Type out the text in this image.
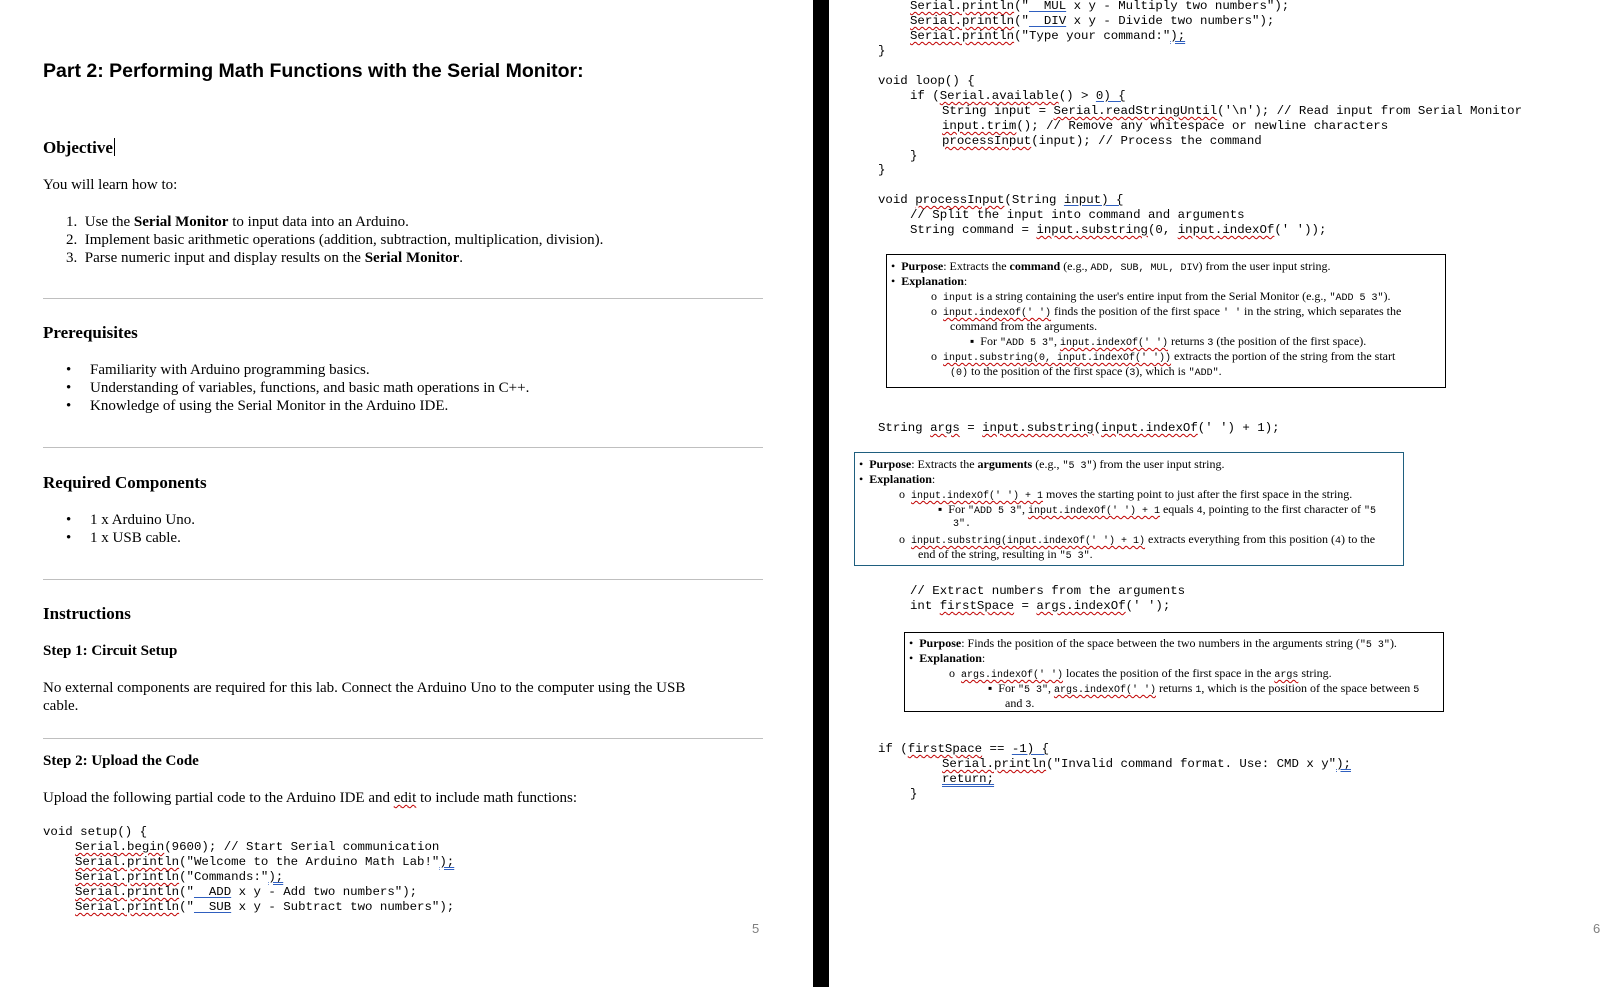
Part 2: Performing Math Functions with the Serial Monitor:
Objective
You will learn how to:
1. Use the Serial Monitor to input data into an Arduino.
2. Implement basic arithmetic operations (addition, subtraction, multiplication, division).
3. Parse numeric input and display results on the Serial Monitor.
Prerequisites
•     Familiarity with Arduino programming basics.
•     Understanding of variables, functions, and basic math operations in C++.
•     Knowledge of using the Serial Monitor in the Arduino IDE.
Required Components
•     1 x Arduino Uno.
•     1 x USB cable.
Instructions
Step 1: Circuit Setup
No external components are required for this lab. Connect the Arduino Uno to the computer using the USB
cable.
Step 2: Upload the Code
Upload the following partial code to the Arduino IDE and edit to include math functions:
void setup() {
Serial.begin(9600); // Start Serial communication
Serial.println("Welcome to the Arduino Math Lab!");
Serial.println("Commands:");
Serial.println("  ADD x y - Add two numbers");
Serial.println("  SUB x y - Subtract two numbers");
5
Serial.println("  MUL x y - Multiply two numbers");
Serial.println("  DIV x y - Divide two numbers");
Serial.println("Type your command:");
}
void loop() {
if (Serial.available() > 0) {
String input = Serial.readStringUntil('\n'); // Read input from Serial Monitor
input.trim(); // Remove any whitespace or newline characters
processInput(input); // Process the command
}
}
void processInput(String input) {
// Split the input into command and arguments
String command = input.substring(0, input.indexOf(' '));
•  Purpose: Extracts the command (e.g., ADD, SUB, MUL, DIV) from the user input string.
•  Explanation:
o  input is a string containing the user's entire input from the Serial Monitor (e.g., "ADD 5 3").
o  input.indexOf(' ') finds the position of the first space ' ' in the string, which separates the
command from the arguments.
▪  For "ADD 5 3", input.indexOf(' ') returns 3 (the position of the first space).
o  input.substring(0, input.indexOf(' ')) extracts the portion of the string from the start
(0) to the position of the first space (3), which is "ADD".
String args = input.substring(input.indexOf(' ') + 1);
•  Purpose: Extracts the arguments (e.g., "5 3") from the user input string.
•  Explanation:
o  input.indexOf(' ') + 1 moves the starting point to just after the first space in the string.
▪  For "ADD 5 3", input.indexOf(' ') + 1 equals 4, pointing to the first character of "5
3".
o  input.substring(input.indexOf(' ') + 1) extracts everything from this position (4) to the
end of the string, resulting in "5 3".
// Extract numbers from the arguments
int firstSpace = args.indexOf(' ');
•  Purpose: Finds the position of the space between the two numbers in the arguments string ("5 3").
•  Explanation:
o  args.indexOf(' ') locates the position of the first space in the args string.
▪  For "5 3", args.indexOf(' ') returns 1, which is the position of the space between 5
and 3.
if (firstSpace == -1) {
Serial.println("Invalid command format. Use: CMD x y");
return;
}
6
